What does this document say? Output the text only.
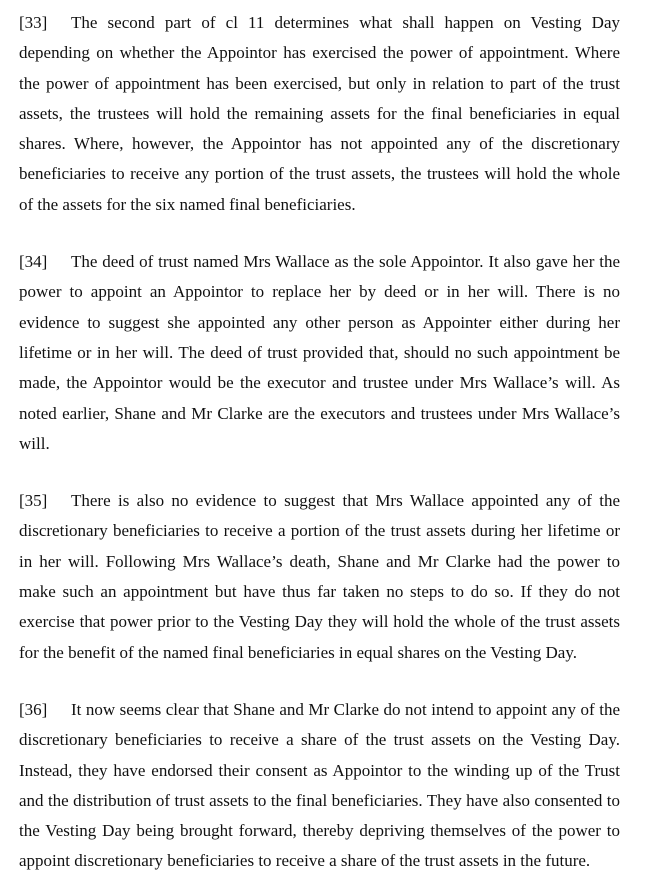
[33] The second part of cl 11 determines what shall happen on Vesting Day depending on whether the Appointor has exercised the power of appointment. Where the power of appointment has been exercised, but only in relation to part of the trust assets, the trustees will hold the remaining assets for the final beneficiaries in equal shares. Where, however, the Appointor has not appointed any of the discretionary beneficiaries to receive any portion of the trust assets, the trustees will hold the whole of the assets for the six named final beneficiaries.

[34] The deed of trust named Mrs Wallace as the sole Appointor. It also gave her the power to appoint an Appointor to replace her by deed or in her will. There is no evidence to suggest she appointed any other person as Appointer either during her lifetime or in her will. The deed of trust provided that, should no such appointment be made, the Appointor would be the executor and trustee under Mrs Wallace’s will. As noted earlier, Shane and Mr Clarke are the executors and trustees under Mrs Wallace’s will.

[35] There is also no evidence to suggest that Mrs Wallace appointed any of the discretionary beneficiaries to receive a portion of the trust assets during her lifetime or in her will. Following Mrs Wallace’s death, Shane and Mr Clarke had the power to make such an appointment but have thus far taken no steps to do so. If they do not exercise that power prior to the Vesting Day they will hold the whole of the trust assets for the benefit of the named final beneficiaries in equal shares on the Vesting Day.

[36] It now seems clear that Shane and Mr Clarke do not intend to appoint any of the discretionary beneficiaries to receive a share of the trust assets on the Vesting Day. Instead, they have endorsed their consent as Appointor to the winding up of the Trust and the distribution of trust assets to the final beneficiaries. They have also consented to the Vesting Day being brought forward, thereby depriving themselves of the power to appoint discretionary beneficiaries to receive a share of the trust assets in the future.
